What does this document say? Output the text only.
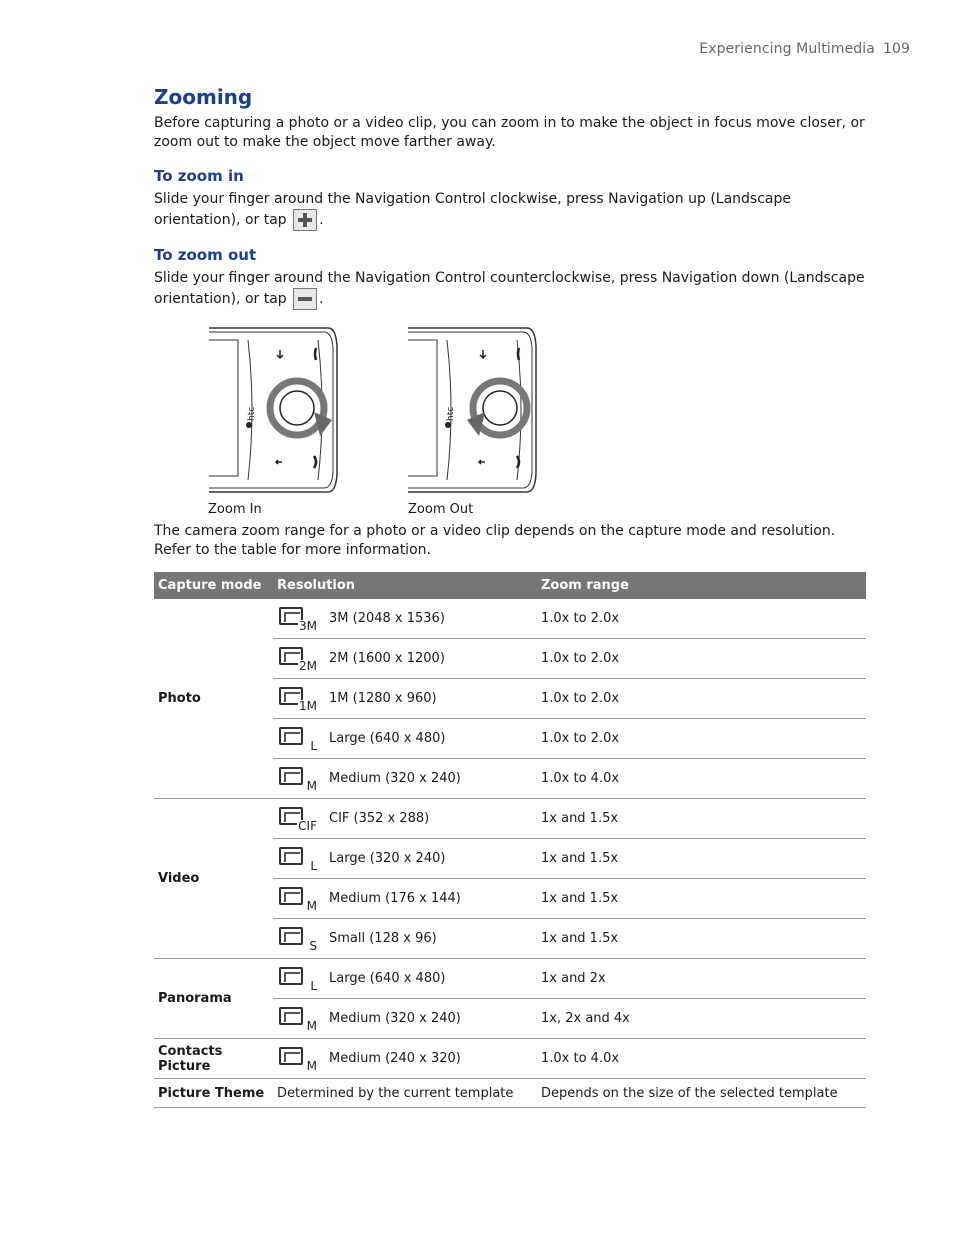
Experiencing Multimedia 109
Zooming

Before capturing a photo or a video clip, you can zoom in to make the object in focus move closer, or zoom out to make the object move farther away.

To zoom in

Slide your finger around the Navigation Control clockwise, press Navigation up (Landscape orientation), or tap .

To zoom out

Slide your finger around the Navigation Control counterclockwise, press Navigation down (Landscape orientation), or tap .

htc
Zoom In
htc
Zoom Out

The camera zoom range for a photo or a video clip depends on the capture mode and resolution. Refer to the table for more information.

Capture mode	Resolution	Zoom range
Photo	3M 3M (2048 x 1536)	1.0x to 2.0x

	2M 2M (1600 x 1200)	1.0x to 2.0x

	1M 1M (1280 x 960)	1.0x to 2.0x

	L Large (640 x 480)	1.0x to 2.0x

	M Medium (320 x 240)	1.0x to 4.0x
Video	CIF CIF (352 x 288)	1x and 1.5x

	L Large (320 x 240)	1x and 1.5x

	M Medium (176 x 144)	1x and 1.5x

	S Small (128 x 96)	1x and 1.5x
Panorama	L Large (640 x 480)	1x and 2x

	M Medium (320 x 240)	1x, 2x and 4x
Contacts Picture	M Medium (240 x 320)	1.0x to 4.0x
Picture Theme	Determined by the current template	Depends on the size of the selected template
